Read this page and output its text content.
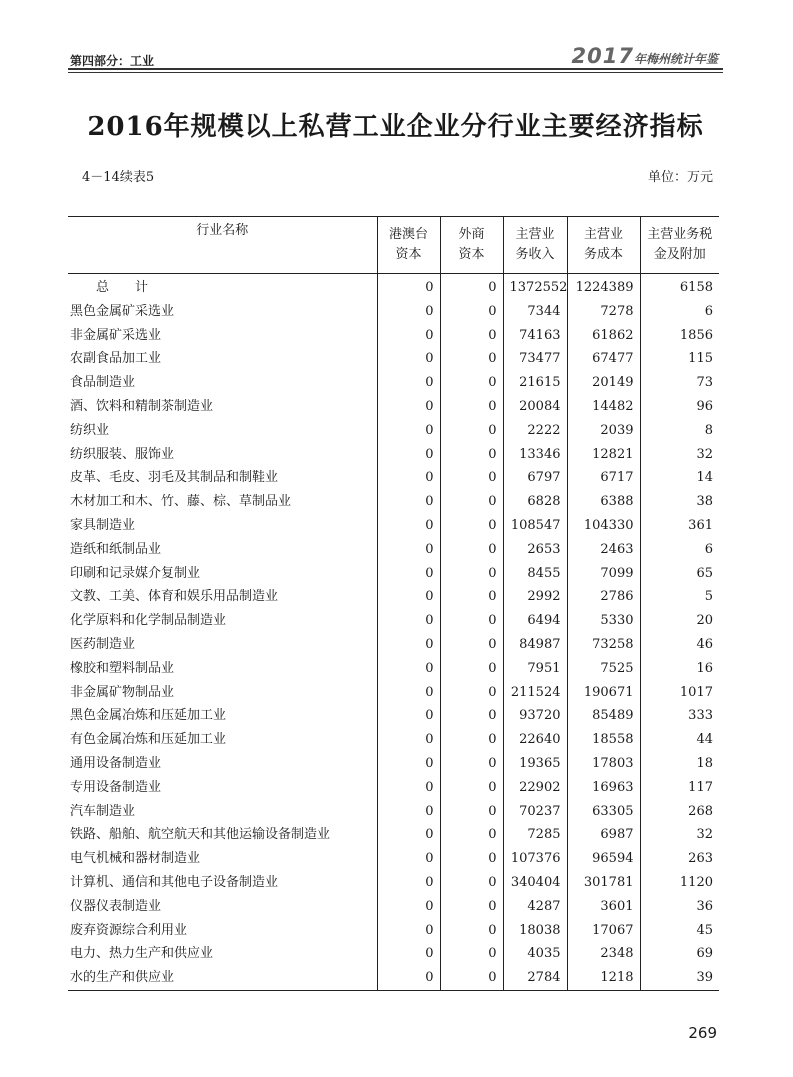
第四部分：工业	2017年梅州统计年鉴
2016年规模以上私营工业企业分行业主要经济指标
4－14续表5	单位：万元
行业名称	港澳台资本	外商资本	主营业务收入	主营业务成本	主营业务税金及附加

总　　计	0	0	1372552	1224389	6158
黑色金属矿采选业	0	0	7344	7278	6
非金属矿采选业	0	0	74163	61862	1856
农副食品加工业	0	0	73477	67477	115
食品制造业	0	0	21615	20149	73
酒、饮料和精制茶制造业	0	0	20084	14482	96
纺织业	0	0	2222	2039	8
纺织服装、服饰业	0	0	13346	12821	32
皮革、毛皮、羽毛及其制品和制鞋业	0	0	6797	6717	14
木材加工和木、竹、藤、棕、草制品业	0	0	6828	6388	38
家具制造业	0	0	108547	104330	361
造纸和纸制品业	0	0	2653	2463	6
印刷和记录媒介复制业	0	0	8455	7099	65
文教、工美、体育和娱乐用品制造业	0	0	2992	2786	5
化学原料和化学制品制造业	0	0	6494	5330	20
医药制造业	0	0	84987	73258	46
橡胶和塑料制品业	0	0	7951	7525	16
非金属矿物制品业	0	0	211524	190671	1017
黑色金属冶炼和压延加工业	0	0	93720	85489	333
有色金属冶炼和压延加工业	0	0	22640	18558	44
通用设备制造业	0	0	19365	17803	18
专用设备制造业	0	0	22902	16963	117
汽车制造业	0	0	70237	63305	268
铁路、船舶、航空航天和其他运输设备制造业	0	0	7285	6987	32
电气机械和器材制造业	0	0	107376	96594	263
计算机、通信和其他电子设备制造业	0	0	340404	301781	1120
仪器仪表制造业	0	0	4287	3601	36
废弃资源综合利用业	0	0	18038	17067	45
电力、热力生产和供应业	0	0	4035	2348	69
水的生产和供应业	0	0	2784	1218	39
269
